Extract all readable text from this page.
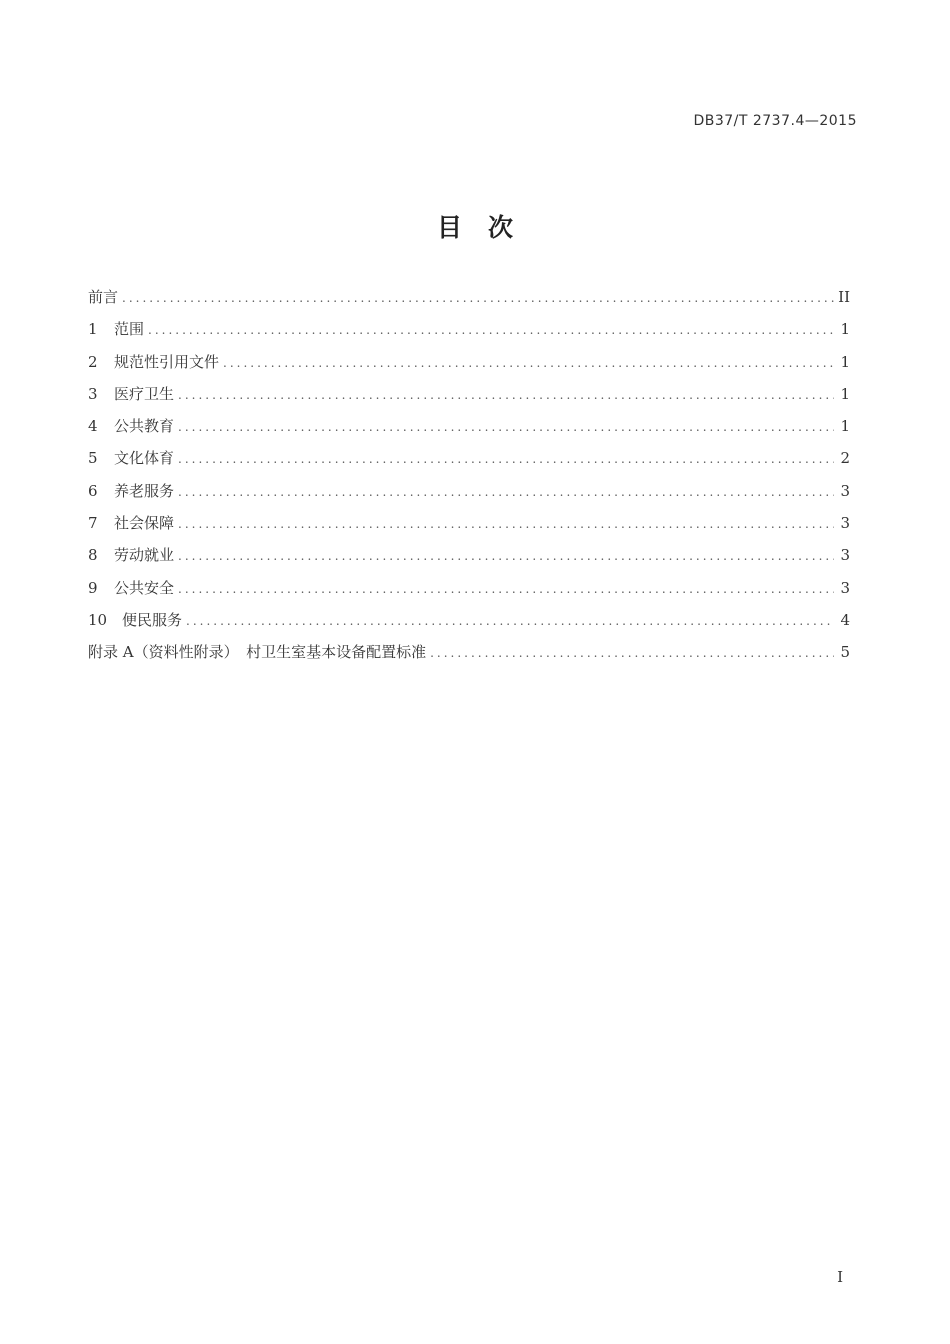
DB37/T 2737.4—2015
目次
前言 .....	II
1 范围 .....	1
2 规范性引用文件 .....	1
3 医疗卫生 .....	1
4 公共教育 .....	1
5 文化体育 .....	2
6 养老服务 .....	3
7 社会保障 .....	3
8 劳动就业 .....	3
9 公共安全 .....	3
10 便民服务 .....	4
附录 A（资料性附录）　村卫生室基本设备配置标准 .....	5
I
